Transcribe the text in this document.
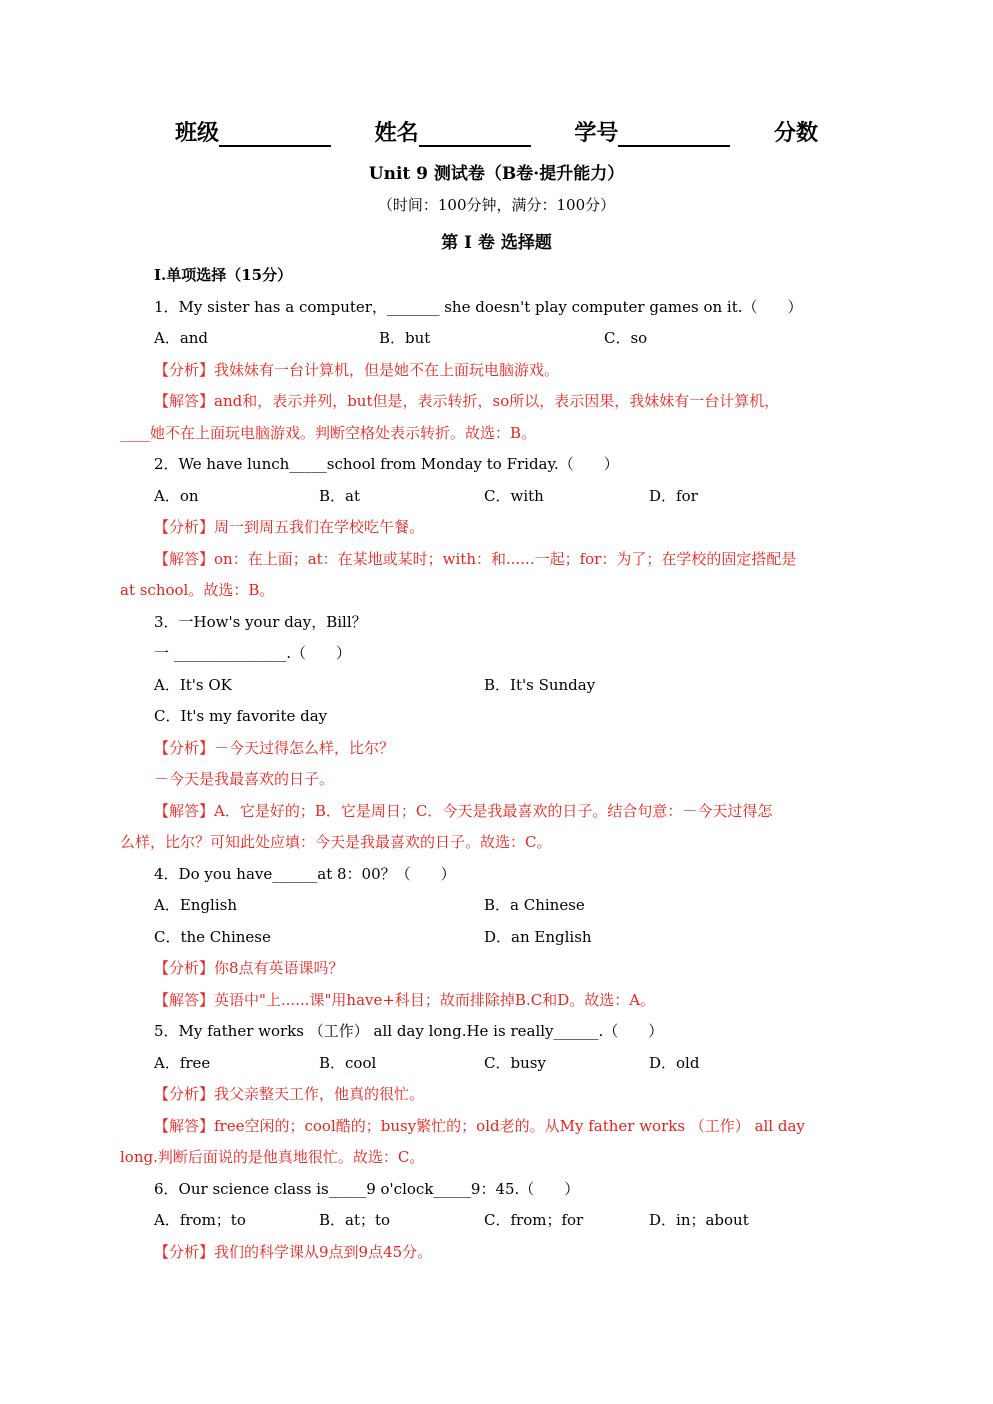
班级	姓名	学号	分数
Unit 9 测试卷（B卷·提升能力）
（时间：100分钟，满分：100分）
第 I 卷 选择题
I.单项选择（15分）
1．My sister has a computer，_______ she doesn't play computer games on it.（　　）
A．and	B．but	C．so
【分析】我妹妹有一台计算机，但是她不在上面玩电脑游戏。
【解答】and和，表示并列，but但是，表示转折，so所以，表示因果，我妹妹有一台计算机，
____她不在上面玩电脑游戏。判断空格处表示转折。故选：B。
2．We have lunch_____school from Monday to Friday.（　　）
A．on	B．at	C．with	D．for
【分析】周一到周五我们在学校吃午餐。
【解答】on：在上面；at：在某地或某时；with：和......一起；for：为了；在学校的固定搭配是
at school。故选：B。
3．一How's your day，Bill？
一 _______________.（　　）
A．It's OK	B．It's Sunday
C．It's my favorite day
【分析】－今天过得怎么样，比尔？
－今天是我最喜欢的日子。
【解答】A．它是好的；B．它是周日；C．今天是我最喜欢的日子。结合句意：－今天过得怎
么样，比尔？可知此处应填：今天是我最喜欢的日子。故选：C。
4．Do you have______at 8：00？（　　）
A．English	B．a Chinese
C．the Chinese	D．an English
【分析】你8点有英语课吗？
【解答】英语中"上......课"用have+科目；故而排除掉B.C和D。故选：A。
5．My father works （工作） all day long.He is really______.（　　）
A．free	B．cool	C．busy	D．old
【分析】我父亲整天工作，他真的很忙。
【解答】free空闲的；cool酷的；busy繁忙的；old老的。从My father works （工作） all day
long.判断后面说的是他真地很忙。故选：C。
6．Our science class is_____9 o'clock_____9：45.（　　）
A．from；to	B．at；to	C．from；for	D．in；about
【分析】我们的科学课从9点到9点45分。
